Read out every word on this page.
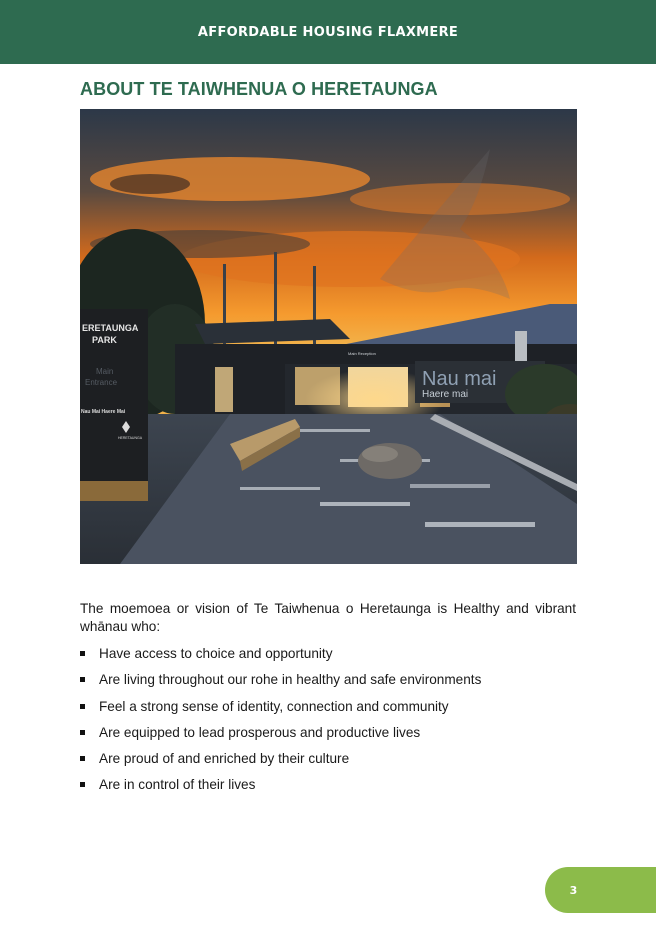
AFFORDABLE HOUSING FLAXMERE
ABOUT TE TAIWHENUA O HERETAUNGA
Nau mai
Haere mai
Main Reception
ERETAUNGA
PARK
Main
Entrance
Nau Mai Haere Mai
HERETAUNGA

The moemoea or vision of Te Taiwhenua o Heretaunga is Healthy and vibrant whānau who:

Have access to choice and opportunity
Are living throughout our rohe in healthy and safe environments
Feel a strong sense of identity, connection and community
Are equipped to lead prosperous and productive lives
Are proud of and enriched by their culture
Are in control of their lives
3
